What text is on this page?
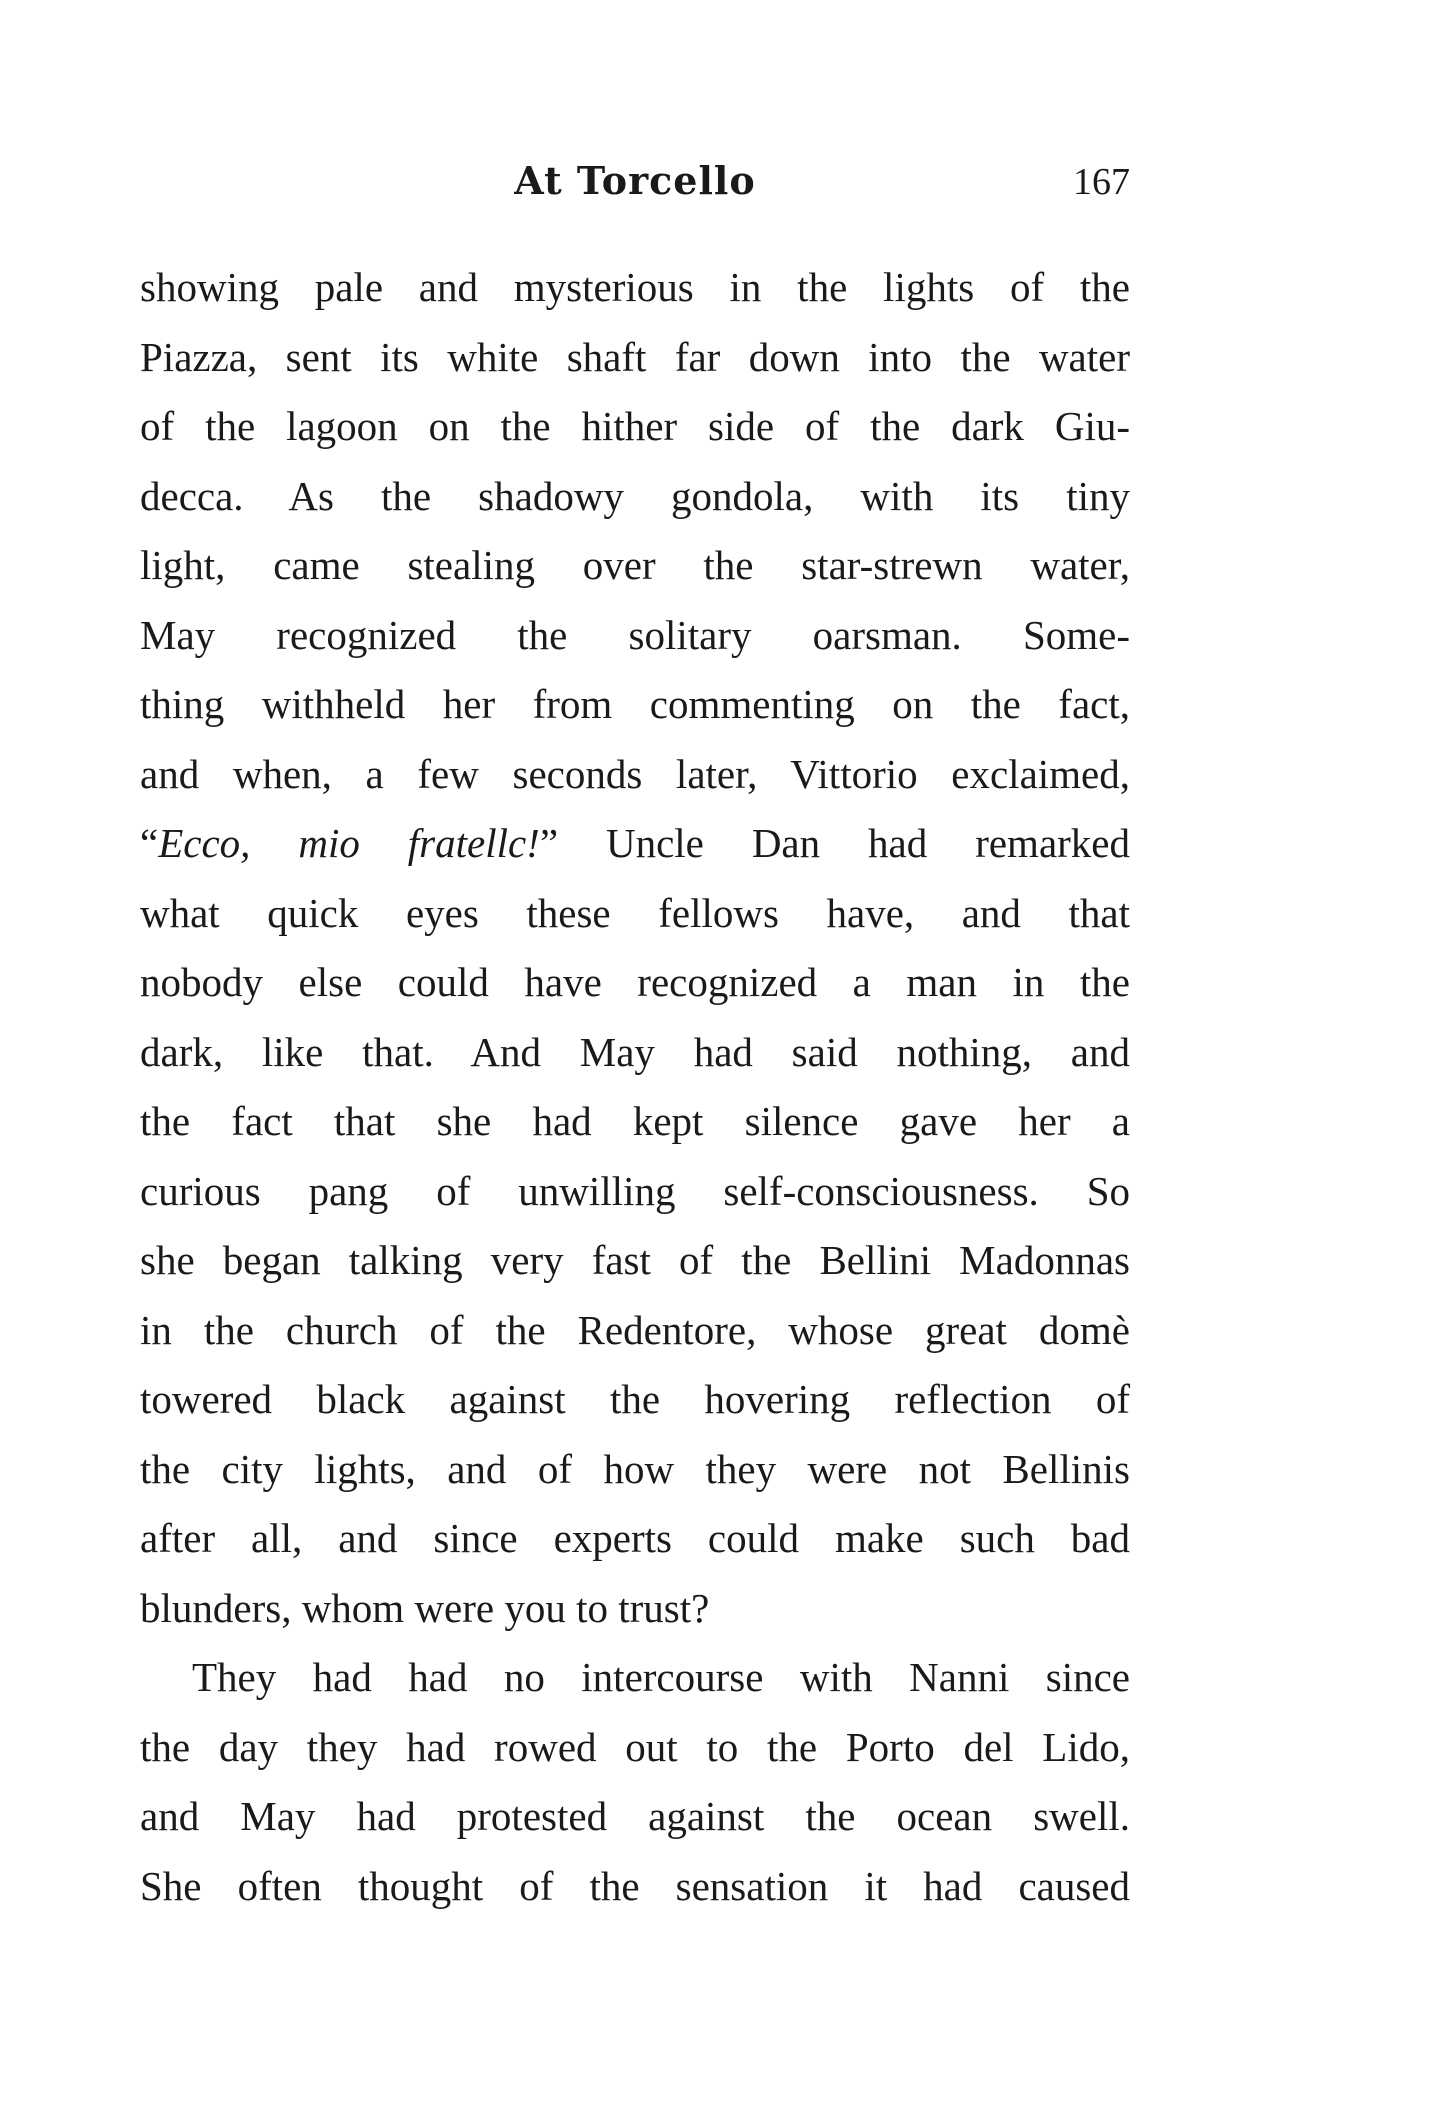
At Torcello	167
showing pale and mysterious in the lights of the
Piazza, sent its white shaft far down into the water
of the lagoon on the hither side of the dark Giu-
decca. As the shadowy gondola, with its tiny
light, came stealing over the star-strewn water,
May recognized the solitary oarsman. Some-
thing withheld her from commenting on the fact,
and when, a few seconds later, Vittorio exclaimed,
“Ecco, mio fratellc!” Uncle Dan had remarked
what quick eyes these fellows have, and that
nobody else could have recognized a man in the
dark, like that. And May had said nothing, and
the fact that she had kept silence gave her a
curious pang of unwilling self-consciousness. So
she began talking very fast of the Bellini Madonnas
in the church of the Redentore, whose great domè
towered black against the hovering reflection of
the city lights, and of how they were not Bellinis
after all, and since experts could make such bad
blunders, whom were you to trust?
They had had no intercourse with Nanni since
the day they had rowed out to the Porto del Lido,
and May had protested against the ocean swell.
She often thought of the sensation it had caused
